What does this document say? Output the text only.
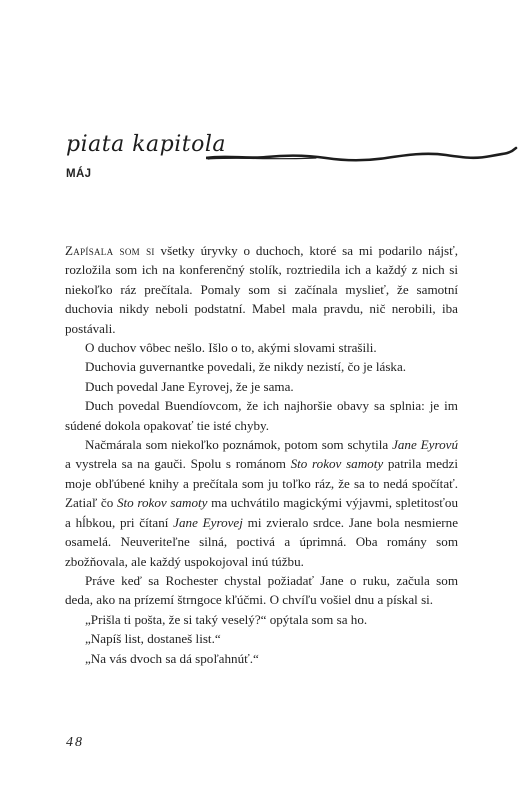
piata kapitola
MÁJ

Zapísala som si všetky úryvky o duchoch, ktoré sa mi podarilo nájsť, rozložila som ich na konferenčný stolík, roztriedila ich a každý z nich si niekoľko ráz prečítala. Pomaly som si začínala myslieť, že samotní duchovia nikdy neboli podstatní. Mabel mala pravdu, nič nerobili, iba postávali.

O duchov vôbec nešlo. Išlo o to, akými slovami strašili.

Duchovia guvernantke povedali, že nikdy nezistí, čo je láska.

Duch povedal Jane Eyrovej, že je sama.

Duch povedal Buendíovcom, že ich najhoršie obavy sa splnia: je im súdené dokola opakovať tie isté chyby.

Načmárala som niekoľko poznámok, potom som schytila Jane Eyrovú a vystrela sa na gauči. Spolu s románom Sto rokov samoty patrila medzi moje obľúbené knihy a prečítala som ju toľko ráz, že sa to nedá spočítať. Zatiaľ čo Sto rokov samoty ma uchvátilo magickými výjavmi, spletitosťou a hĺbkou, pri čítaní Jane Eyrovej mi zvieralo srdce. Jane bola nesmierne osamelá. Neuveriteľne silná, poctivá a úprimná. Oba romány som zbožňovala, ale každý uspokojoval inú túžbu.

Práve keď sa Rochester chystal požiadať Jane o ruku, začula som deda, ako na prízemí štrngoce kľúčmi. O chvíľu vošiel dnu a pískal si.

„Prišla ti pošta, že si taký veselý?“ opýtala som sa ho.

„Napíš list, dostaneš list.“

„Na vás dvoch sa dá spoľahnúť.“

48
